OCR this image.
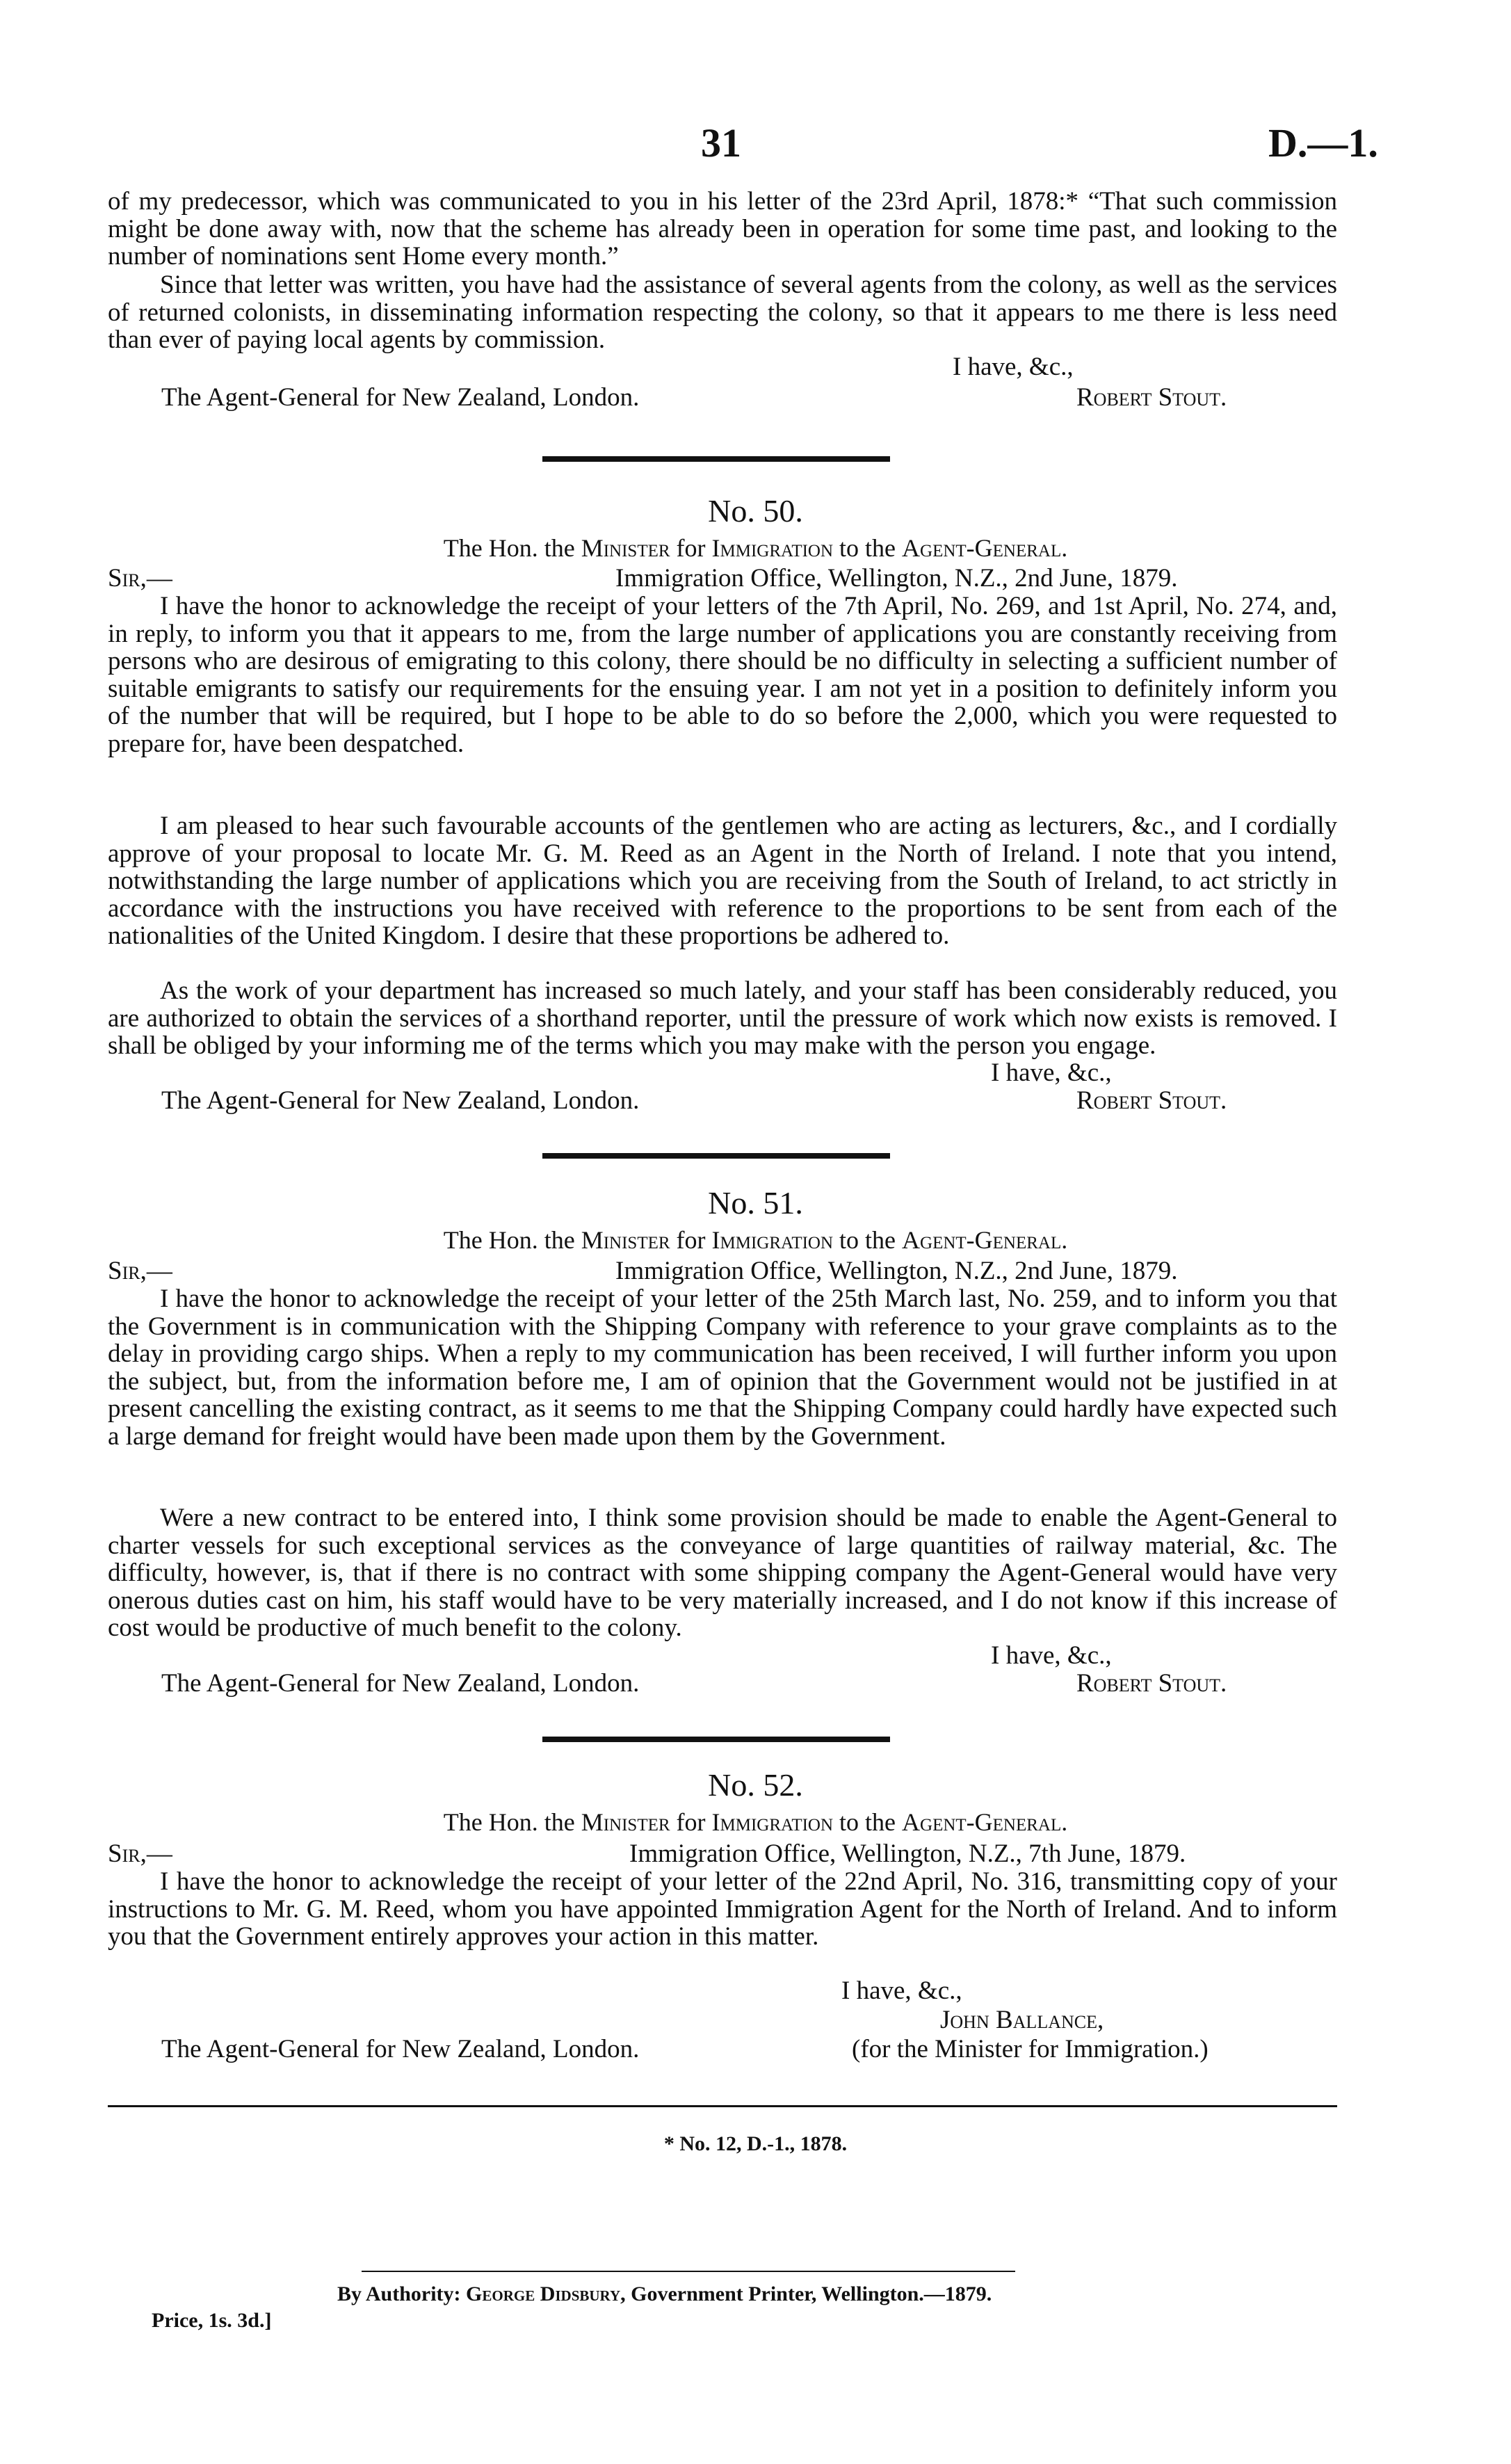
31	D.—1.

of my predecessor, which was communicated to you in his letter of the 23rd April, 1878:* “That such commission might be done away with, now that the scheme has already been in operation for some time past, and looking to the number of nominations sent Home every month.”

Since that letter was written, you have had the assistance of several agents from the colony, as well as the services of returned colonists, in disseminating information respecting the colony, so that it appears to me there is less need than ever of paying local agents by commission.

I have, &c.,
The Agent-General for New Zealand, London.	Robert Stout.
No. 50.
The Hon. the Minister for Immigration to the Agent-General.
Sir,—	Immigration Office, Wellington, N.Z., 2nd June, 1879.

I have the honor to acknowledge the receipt of your letters of the 7th April, No. 269, and 1st April, No. 274, and, in reply, to inform you that it appears to me, from the large number of applications you are constantly receiving from persons who are desirous of emigrating to this colony, there should be no difficulty in selecting a sufficient number of suitable emigrants to satisfy our requirements for the ensuing year. I am not yet in a position to definitely inform you of the number that will be required, but I hope to be able to do so before the 2,000, which you were requested to prepare for, have been despatched.

I am pleased to hear such favourable accounts of the gentlemen who are acting as lecturers, &c., and I cordially approve of your proposal to locate Mr. G. M. Reed as an Agent in the North of Ireland. I note that you intend, notwithstanding the large number of applications which you are receiving from the South of Ireland, to act strictly in accordance with the instructions you have received with reference to the proportions to be sent from each of the nationalities of the United Kingdom. I desire that these proportions be adhered to.

As the work of your department has increased so much lately, and your staff has been considerably reduced, you are authorized to obtain the services of a shorthand reporter, until the pressure of work which now exists is removed. I shall be obliged by your informing me of the terms which you may make with the person you engage.

I have, &c.,
The Agent-General for New Zealand, London.	Robert Stout.
No. 51.
The Hon. the Minister for Immigration to the Agent-General.
Sir,—	Immigration Office, Wellington, N.Z., 2nd June, 1879.

I have the honor to acknowledge the receipt of your letter of the 25th March last, No. 259, and to inform you that the Government is in communication with the Shipping Company with reference to your grave complaints as to the delay in providing cargo ships. When a reply to my communication has been received, I will further inform you upon the subject, but, from the information before me, I am of opinion that the Government would not be justified in at present cancelling the existing contract, as it seems to me that the Shipping Company could hardly have expected such a large demand for freight would have been made upon them by the Government.

Were a new contract to be entered into, I think some provision should be made to enable the Agent-General to charter vessels for such exceptional services as the conveyance of large quantities of railway material, &c. The difficulty, however, is, that if there is no contract with some shipping company the Agent-General would have very onerous duties cast on him, his staff would have to be very materially increased, and I do not know if this increase of cost would be productive of much benefit to the colony.

I have, &c.,
The Agent-General for New Zealand, London.	Robert Stout.
No. 52.
The Hon. the Minister for Immigration to the Agent-General.
Sir,—	Immigration Office, Wellington, N.Z., 7th June, 1879.

I have the honor to acknowledge the receipt of your letter of the 22nd April, No. 316, transmitting copy of your instructions to Mr. G. M. Reed, whom you have appointed Immigration Agent for the North of Ireland. And to inform you that the Government entirely approves your action in this matter.

I have, &c.,
John Ballance,
The Agent-General for New Zealand, London.	(for the Minister for Immigration.)
* No. 12, D.-1., 1878.
By Authority: George Didsbury, Government Printer, Wellington.—1879.
Price, 1s. 3d.]
